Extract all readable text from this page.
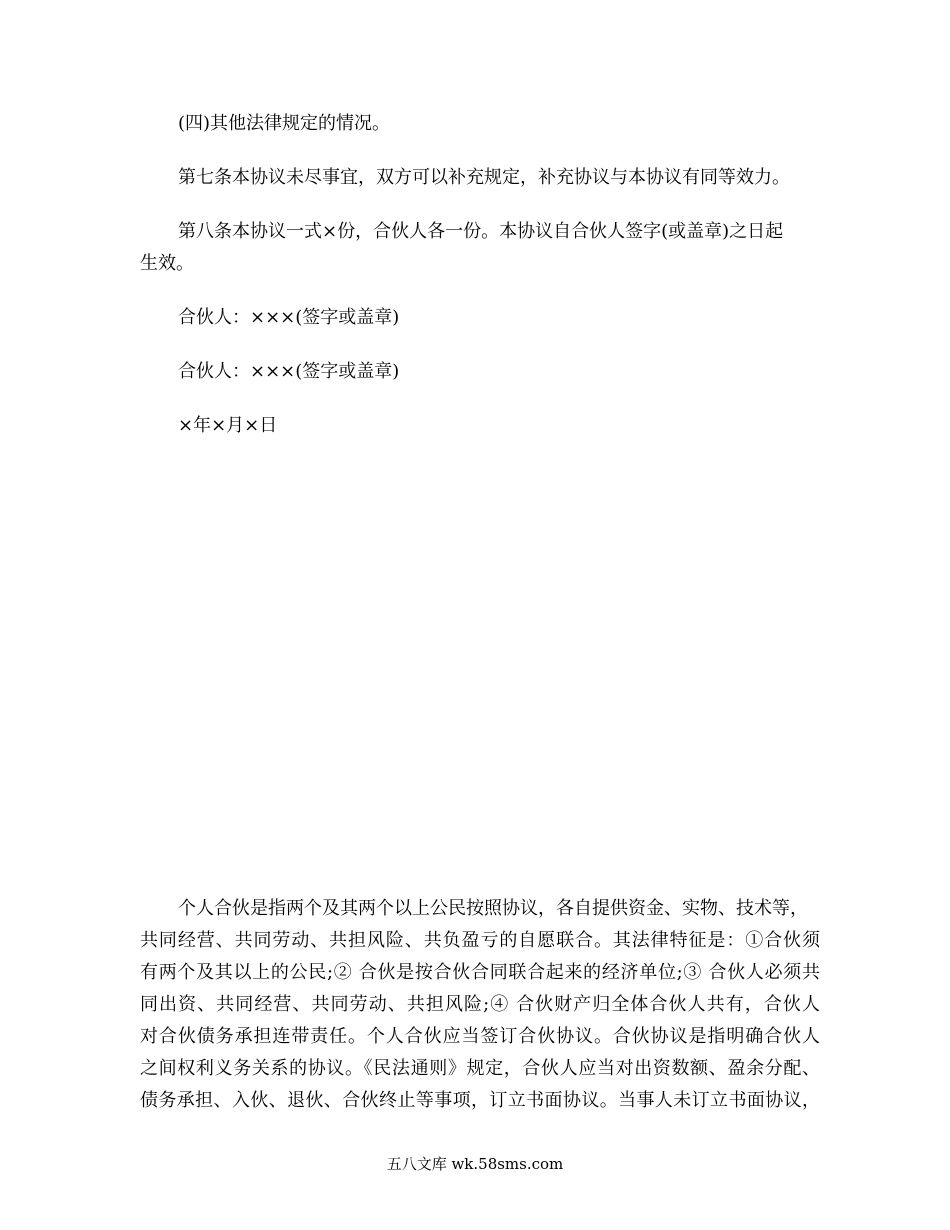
(四)其他法律规定的情况。
第七条本协议未尽事宜，双方可以补充规定，补充协议与本协议有同等效力。
第八条本协议一式×份，合伙人各一份。本协议自合伙人签字(或盖章)之日起
生效。
合伙人：×××(签字或盖章)
合伙人：×××(签字或盖章)
×年×月×日
个人合伙是指两个及其两个以上公民按照协议，各自提供资金、实物、技术等，
共同经营、共同劳动、共担风险、共负盈亏的自愿联合。其法律特征是：①合伙须
有两个及其以上的公民;② 合伙是按合伙合同联合起来的经济单位;③ 合伙人必须共
同出资、共同经营、共同劳动、共担风险;④ 合伙财产归全体合伙人共有，合伙人
对合伙债务承担连带责任。个人合伙应当签订合伙协议。合伙协议是指明确合伙人
之间权利义务关系的协议。《民法通则》规定，合伙人应当对出资数额、盈余分配、
债务承担、入伙、退伙、合伙终止等事项，订立书面协议。当事人未订立书面协议，
五八文库 wk.58sms.com
